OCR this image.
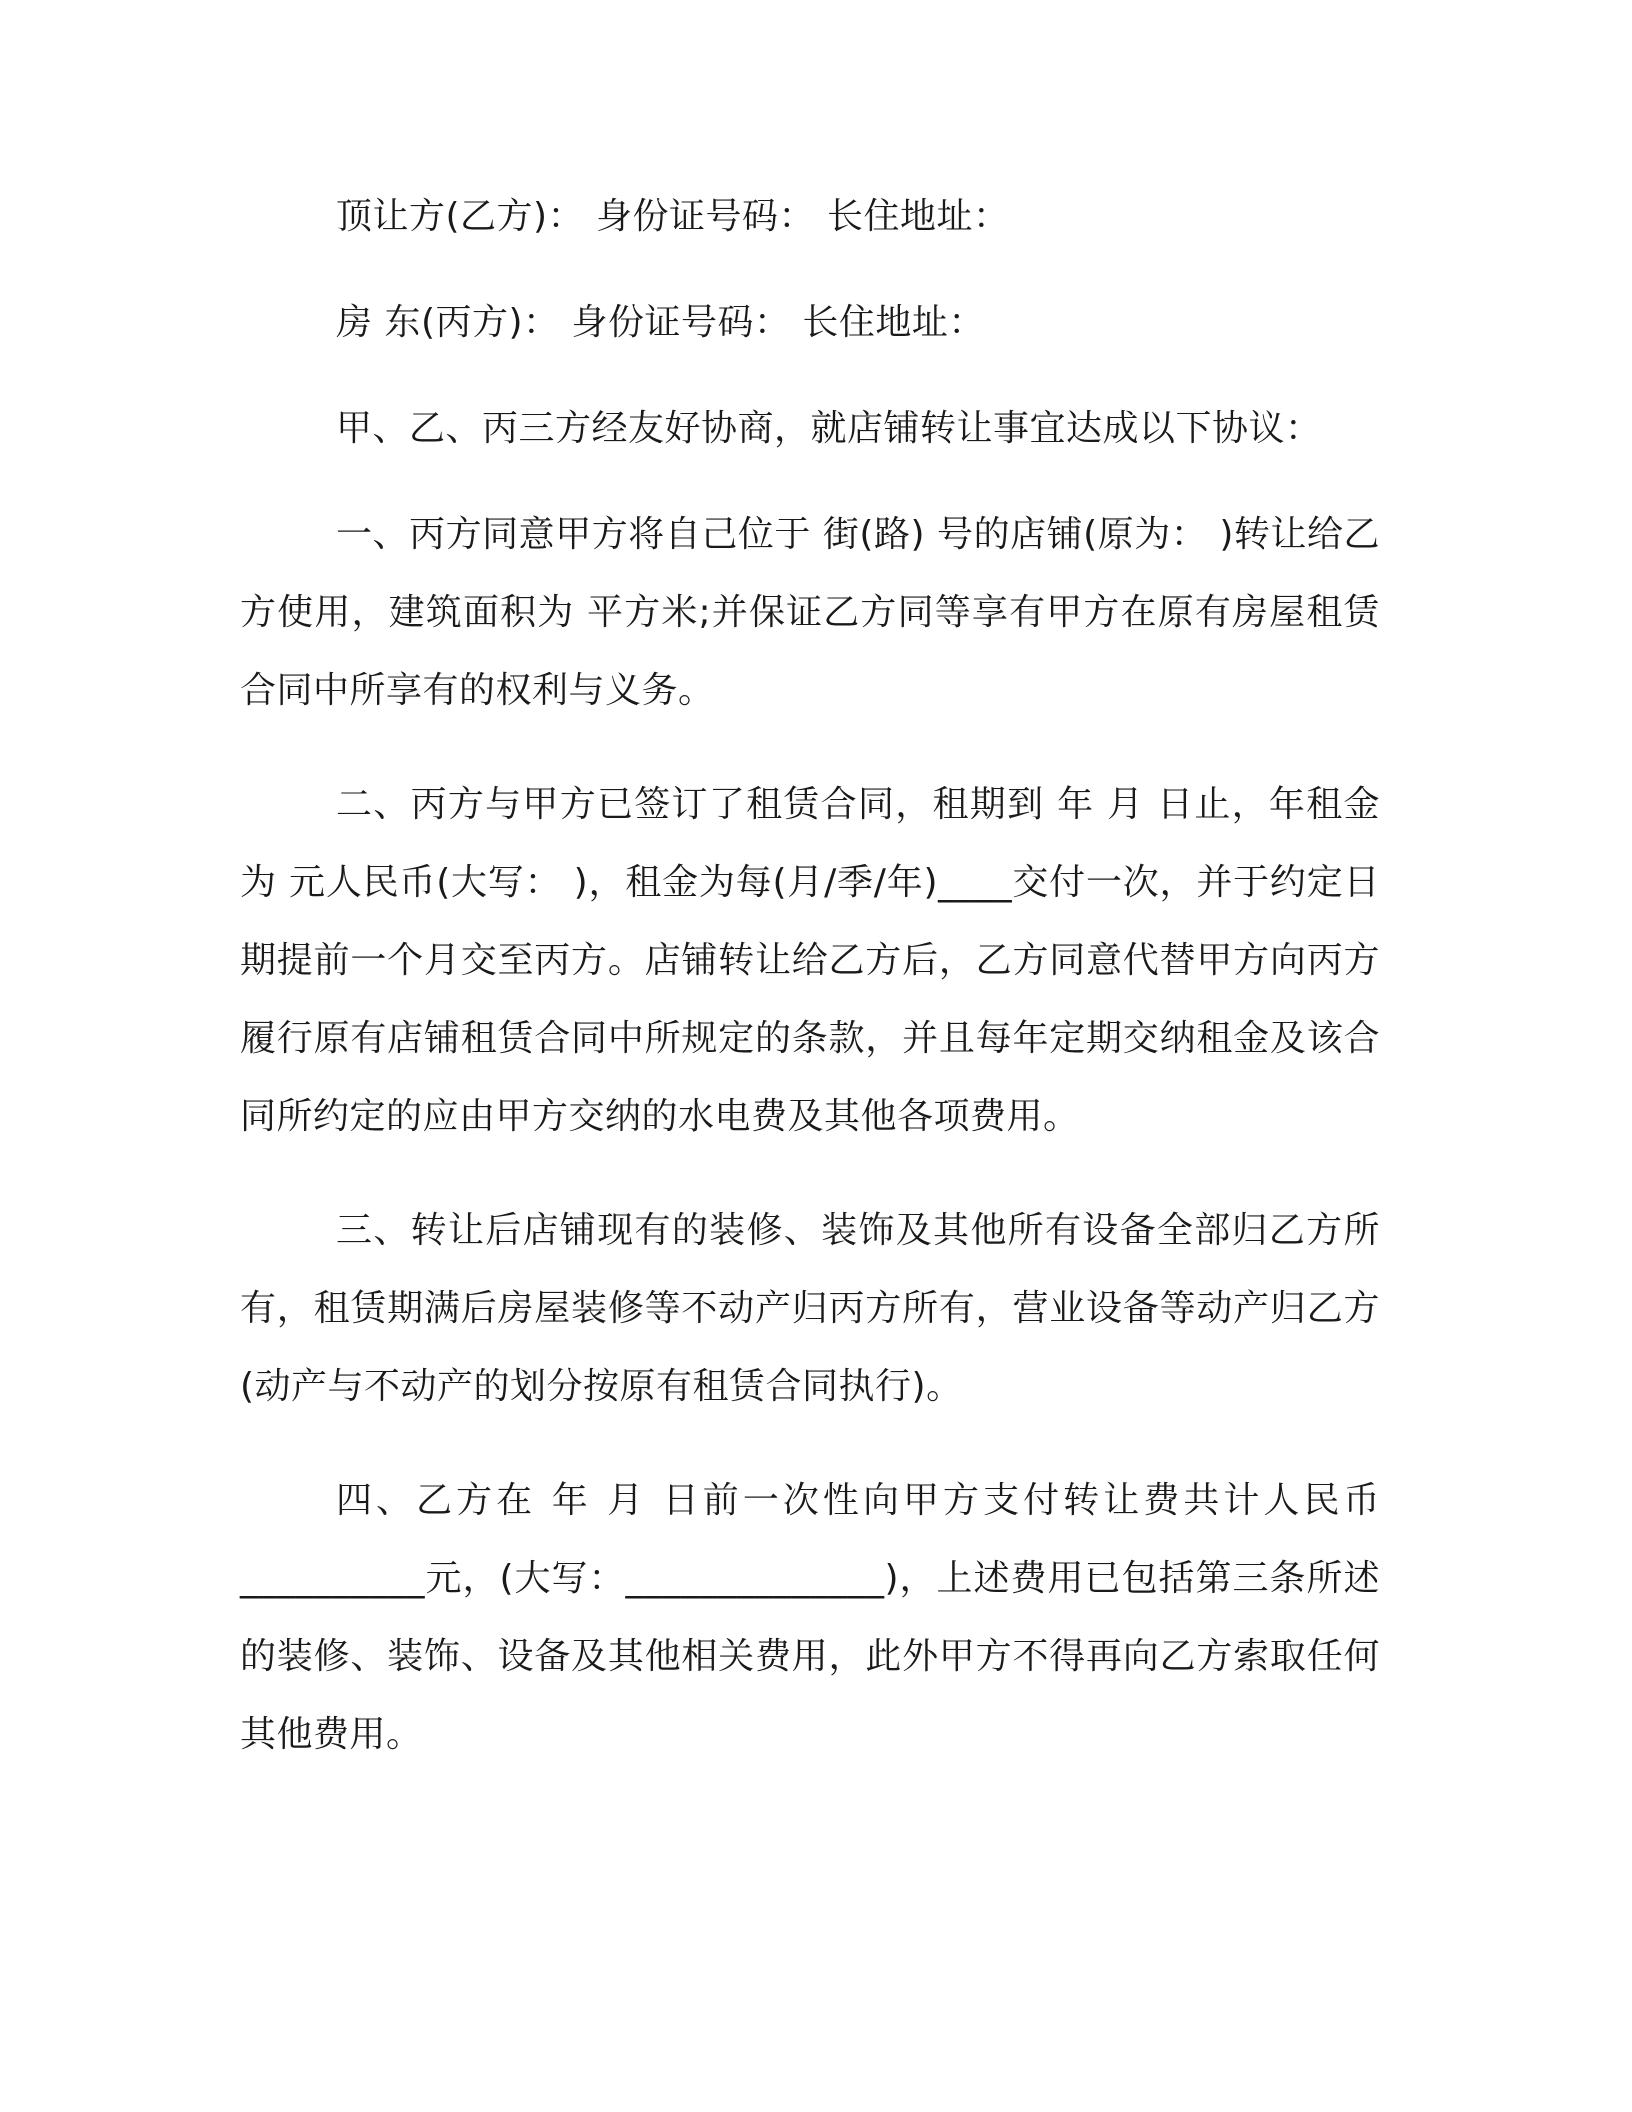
顶让方(乙方)： 身份证号码： 长住地址：

房 东(丙方)： 身份证号码： 长住地址：

甲、乙、丙三方经友好协商，就店铺转让事宜达成以下协议：

一、丙方同意甲方将自己位于 街(路) 号的店铺(原为： )转让给乙方使用，建筑面积为 平方米;并保证乙方同等享有甲方在原有房屋租赁合同中所享有的权利与义务。

二、丙方与甲方已签订了租赁合同，租期到 年 月 日止，年租金为 元人民币(大写： )，租金为每(月/季/年)____交付一次，并于约定日期提前一个月交至丙方。店铺转让给乙方后，乙方同意代替甲方向丙方履行原有店铺租赁合同中所规定的条款，并且每年定期交纳租金及该合同所约定的应由甲方交纳的水电费及其他各项费用。

三、转让后店铺现有的装修、装饰及其他所有设备全部归乙方所有，租赁期满后房屋装修等不动产归丙方所有，营业设备等动产归乙方(动产与不动产的划分按原有租赁合同执行)。

四、乙方在 年 月 日前一次性向甲方支付转让费共计人民币__________元，(大写：______________)，上述费用已包括第三条所述的装修、装饰、设备及其他相关费用，此外甲方不得再向乙方索取任何其他费用。
